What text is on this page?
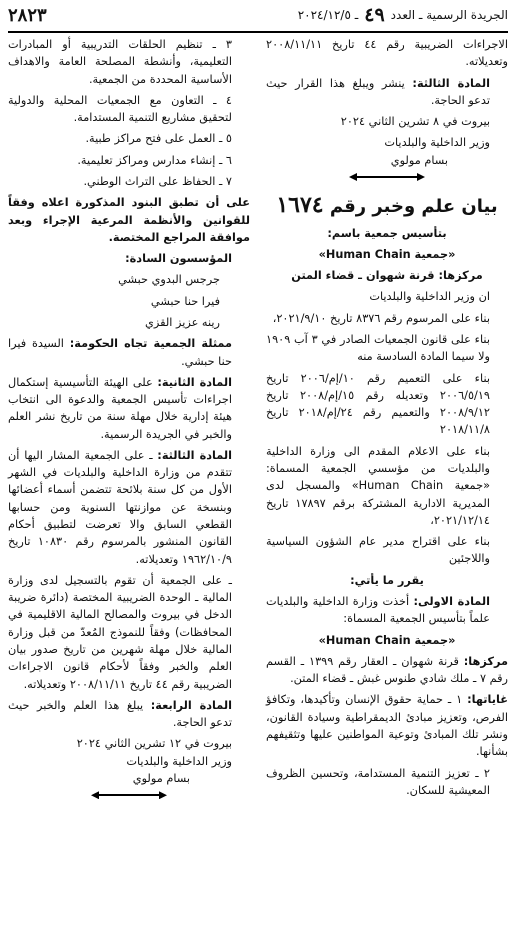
الجريدة الرسمية ـ العدد
٤٩
ـ ٢٠٢٤/١٢/٥
٢٨٢٣

الاجراءات الضريبية رقم ٤٤ تاريخ ٢٠٠٨/١١/١١ وتعديلاته.

المادة الثالثة: ينشر ويبلغ هذا القرار حيث تدعو الحاجة.

بيروت في ٨ تشرين الثاني ٢٠٢٤

وزير الداخلية والبلديات

بسام مولوي

بيان علم وخبر رقم ١٦٧٤

بتأسيس جمعية باسم:

«جمعية Human Chain»

مركزها: قرنة شهوان ـ قضاء المتن

ان وزير الداخلية والبلديات

بناء على المرسوم رقم ٨٣٧٦ تاريخ ٢٠٢١/٩/١٠،

بناء على قانون الجمعيات الصادر في ٣ آب ١٩٠٩ ولا سيما المادة السادسة منه

بناء على التعميم رقم ١٠/إم/٢٠٠٦ تاريخ ٢٠٠٦/٥/١٩ وتعديله رقم ١٥/إم/٢٠٠٨ تاريخ ٢٠٠٨/٩/١٢ والتعميم رقم ٢٤/إم/٢٠١٨ تاريخ ٢٠١٨/١١/٨

بناء على الاعلام المقدم الى وزارة الداخلية والبلديات من مؤسسي الجمعية المسماة: «جمعية Human Chain» والمسجل لدى المديرية الادارية المشتركة برقم ١٧٨٩٧ تاريخ ٢٠٢١/١٢/١٤،

بناء على اقتراح مدير عام الشؤون السياسية واللاجئين

يقرر ما يأتي:

المادة الاولى: أخذت وزارة الداخلية والبلديات علماً بتأسيس الجمعية المسماة:

«جمعية Human Chain»

مركزها: قرنة شهوان ـ العقار رقم ١٣٩٩ ـ القسم رقم ٧ ـ ملك شادي طنوس غبش ـ قضاء المتن.

غاياتها: ١ ـ حماية حقوق الإنسان وتأكيدها، وتكافؤ الفرص، وتعزيز مبادئ الديمقراطية وسيادة القانون، ونشر تلك المبادئ وتوعية المواطنين عليها وتثقيفهم بشأنها.

٢ ـ تعزيز التنمية المستدامة، وتحسين الظروف المعيشية للسكان.

٣ ـ تنظيم الحلقات التدريبية أو المبادرات التعليمية، وأنشطة المصلحة العامة والاهداف الأساسية المحددة من الجمعية.

٤ ـ التعاون مع الجمعيات المحلية والدولية لتحقيق مشاريع التنمية المستدامة.

٥ ـ العمل على فتح مراكز طبية.

٦ ـ إنشاء مدارس ومراكز تعليمية.

٧ ـ الحفاظ على التراث الوطني.

على أن تطبق البنود المذكورة اعلاه وفقاً للقوانين والأنظمة المرعية الإجراء وبعد موافقة المراجع المختصة.

المؤسسون السادة:

جرجس البدوي حبشي

فيرا حنا حبشي

رينه عزيز القزي

ممثلة الجمعية تجاه الحكومة: السيدة فيرا حنا حبشي.

المادة الثانية: على الهيئة التأسيسية إستكمال اجراءات تأسيس الجمعية والدعوة الى انتخاب هيئة إدارية خلال مهلة سنة من تاريخ نشر العلم والخبر في الجريدة الرسمية.

المادة الثالثة: ـ على الجمعية المشار اليها أن تتقدم من وزارة الداخلية والبلديات في الشهر الأول من كل سنة بلائحة تتضمن أسماء أعضائها وبنسخة عن موازنتها السنوية ومن حسابها القطعي السابق والا تعرضت لتطبيق أحكام القانون المنشور بالمرسوم رقم ١٠٨٣٠ تاريخ ١٩٦٢/١٠/٩ وتعديلاته.

ـ على الجمعية أن تقوم بالتسجيل لدى وزارة المالية ـ الوحدة الضريبية المختصة (دائرة ضريبة الدخل في بيروت والمصالح المالية الاقليمية في المحافظات) وفقاً للنموذج المُعدّ من قبل وزارة المالية خلال مهلة شهرين من تاريخ صدور بيان العلم والخبر وفقاً لأحكام قانون الاجراءات الضريبية رقم ٤٤ تاريخ ٢٠٠٨/١١/١١ وتعديلاته.

المادة الرابعة: يبلغ هذا العلم والخبر حيث تدعو الحاجة.

بيروت في ١٢ تشرين الثاني ٢٠٢٤

وزير الداخلية والبلديات

بسام مولوي
